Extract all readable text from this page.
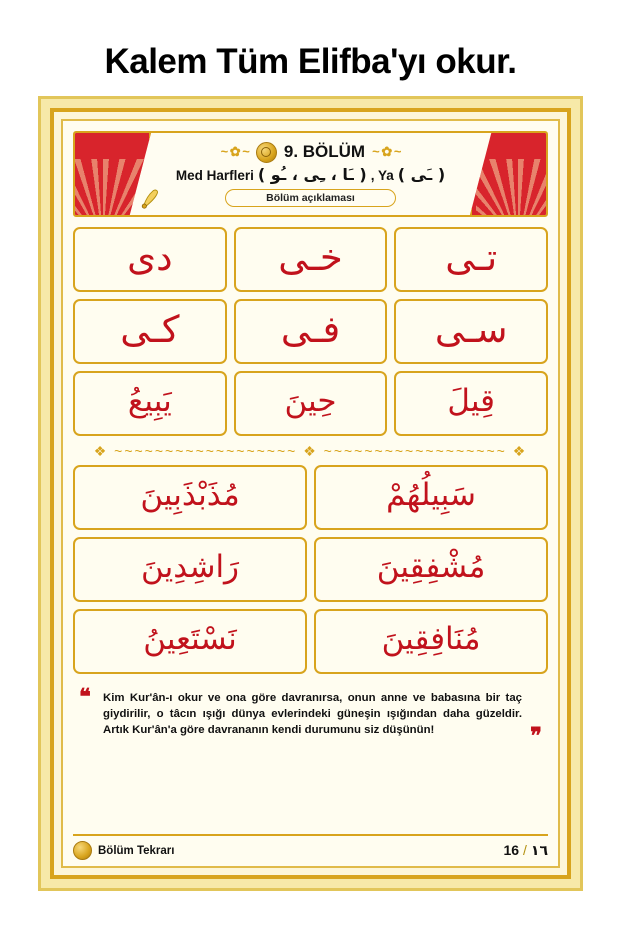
Kalem Tüm Elifba'yı okur.
~ ✿ ~ 9. BÖLÜM ~ ✿ ~
Med Harfleri ( ـَا ، ـِى ، ـُو ) , Ya ( ـَى )
Bölüm açıklaması
تـى
خـى
دى
سـى
فـى
كـى
قِيلَ
حِينَ
يَبِيعُ
❖ ~~~~~~~~~~~~~~~~~~ ❖ ~~~~~~~~~~~~~~~~~~ ❖
سَبِيلُهُمْ
مُذَبْذَبِينَ
مُشْفِقِينَ
رَاشِدِينَ
مُنَافِقِينَ
نَسْتَعِينُ
❝ Kim Kur'ân-ı okur ve ona göre davranırsa, onun anne ve babasına bir taç giydirilir, o tâcın ışığı dünya evlerindeki güneşin ışığından daha güzeldir. Artık Kur'ân'a göre davrananın kendi durumunu siz düşünün!	❞
Bölüm Tekrarı	16 / ١٦
